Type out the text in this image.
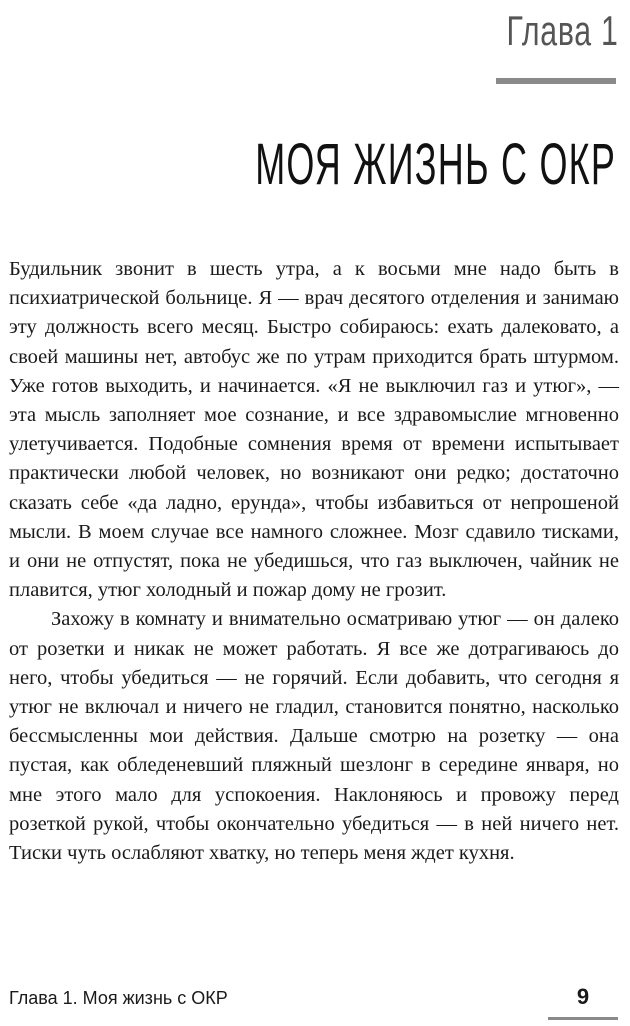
Глава 1
МОЯ ЖИЗНЬ С ОКР

Будильник звонит в шесть утра, а к восьми мне надо быть в психиатрической больнице. Я — врач десятого отделения и занимаю эту должность всего месяц. Быстро собираюсь: ехать далековато, а своей машины нет, автобус же по утрам приходится брать штурмом. Уже готов выходить, и начинается. «Я не выключил газ и утюг», — эта мысль заполняет мое сознание, и все здравомыслие мгновенно улетучивается. Подобные сомнения время от времени испытывает практически любой человек, но возникают они редко; достаточно сказать себе «да ладно, ерунда», чтобы избавиться от непрошеной мысли. В моем случае все намного сложнее. Мозг сдавило тисками, и они не отпустят, пока не убедишься, что газ выключен, чайник не плавится, утюг холодный и пожар дому не грозит.

Захожу в комнату и внимательно осматриваю утюг — он далеко от розетки и никак не может работать. Я все же дотрагиваюсь до него, чтобы убедиться — не горячий. Если добавить, что сегодня я утюг не включал и ничего не гладил, становится понятно, насколько бессмысленны мои действия. Дальше смотрю на розетку — она пустая, как обледеневший пляжный шезлонг в середине января, но мне этого мало для успокоения. Наклоняюсь и провожу перед розеткой рукой, чтобы окончательно убедиться — в ней ничего нет. Тиски чуть ослабляют хватку, но теперь меня ждет кухня.

Глава 1. Моя жизнь с ОКР	9
